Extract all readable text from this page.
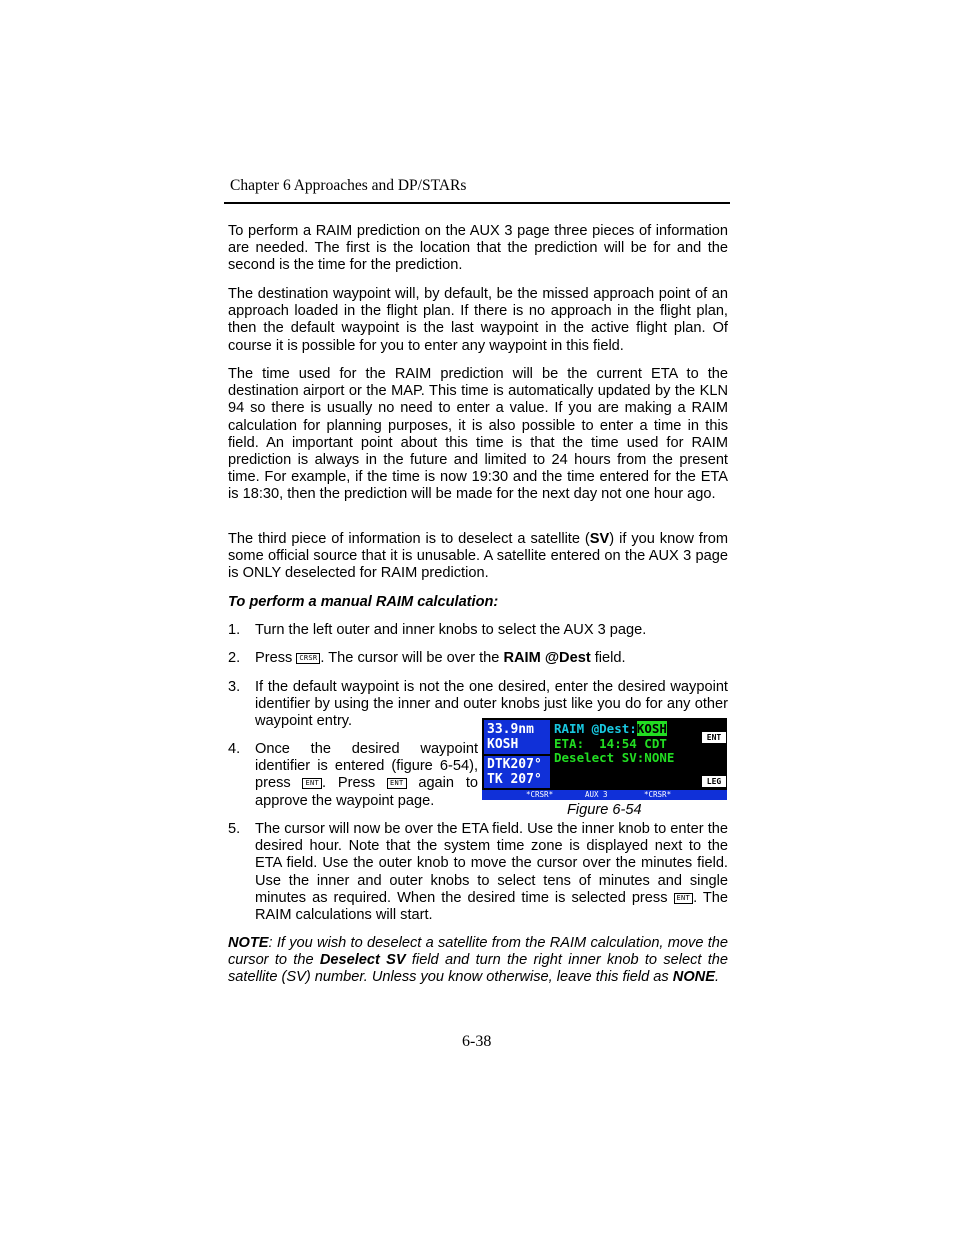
Chapter 6 Approaches and DP/STARs
To perform a RAIM prediction on the AUX 3 page three pieces of information are needed. The first is the location that the prediction will be for and the second is the time for the prediction.
The destination waypoint will, by default, be the missed approach point of an approach loaded in the flight plan. If there is no approach in the flight plan, then the default waypoint is the last waypoint in the active flight plan. Of course it is possible for you to enter any waypoint in this field.
The time used for the RAIM prediction will be the current ETA to the destination airport or the MAP. This time is automatically updated by the KLN 94 so there is usually no need to enter a value. If you are making a RAIM calculation for planning purposes, it is also possible to enter a time in this field. An important point about this time is that the time used for RAIM prediction is always in the future and limited to 24 hours from the present time. For example, if the time is now 19:30 and the time entered for the ETA is 18:30, then the prediction will be made for the next day not one hour ago.
The third piece of information is to deselect a satellite (SV) if you know from some official source that it is unusable. A satellite entered on the AUX 3 page is ONLY deselected for RAIM prediction.
To perform a manual RAIM calculation:
1.	Turn the left outer and inner knobs to select the AUX 3 page.
2.	Press CRSR . The cursor will be over the RAIM @Dest field.
3.	If the default waypoint is not the one desired, enter the desired waypoint identifier by using the inner and outer knobs just like you do for any other waypoint entry.
4.	Once the desired waypoint identifier is entered (figure 6-54), press ENT . Press ENT again to approve the waypoint page.
33.9nm
KOSH
DTK207°
TK 207°
RAIM @Dest:KOSH
ETA:  14:54 CDT
Deselect SV:NONE
ENT
LEG
*CRSR*	AUX 3	*CRSR*
Figure 6-54
5.	The cursor will now be over the ETA field. Use the inner knob to enter the desired hour. Note that the system time zone is displayed next to the ETA field. Use the outer knob to move the cursor over the minutes field. Use the inner and outer knobs to select tens of minutes and single minutes as required. When the desired time is selected press ENT . The RAIM calculations will start.
NOTE: If you wish to deselect a satellite from the RAIM calculation, move the cursor to the Deselect SV field and turn the right inner knob to select the satellite (SV) number. Unless you know otherwise, leave this field as NONE.
6-38
